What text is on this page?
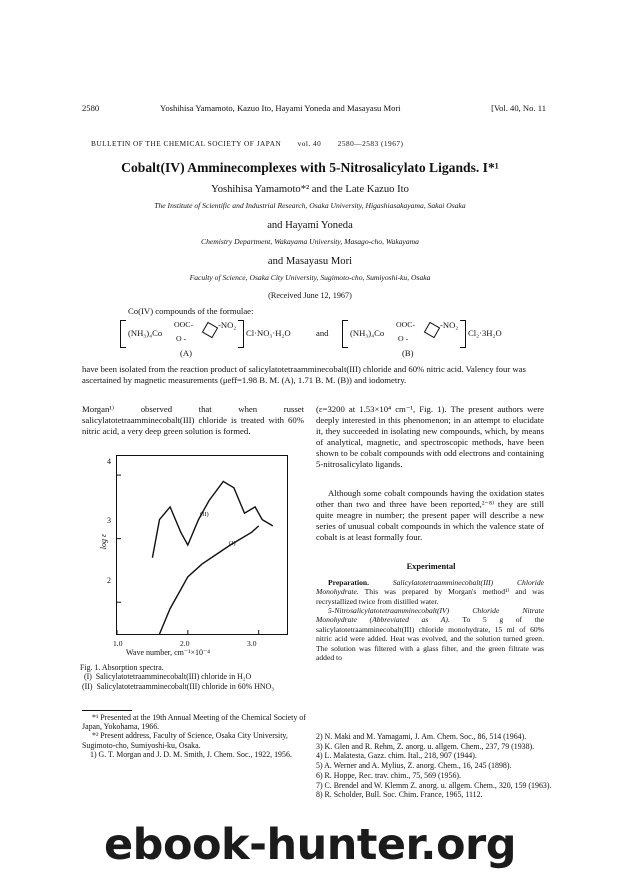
2580	Yoshihisa Yamamoto, Kazuo Ito, Hayami Yoneda and Masayasu Mori	[Vol. 40, No. 11
BULLETIN OF THE CHEMICAL SOCIETY OF JAPAN vol. 40 2580—2583 (1967)
Cobalt(IV) Amminecomplexes with 5-Nitrosalicylato Ligands. I*¹
Yoshihisa Yamamoto*² and the Late Kazuo Ito
The Institute of Scientific and Industrial Research, Osaka University, Higashiasakayama, Sakai Osaka
and Hayami Yoneda
Chemistry Department, Wakayama University, Masago-cho, Wakayama
and Masayasu Mori
Faculty of Science, Osaka City University, Sugimoto-cho, Sumiyoshi-ku, Osaka
(Received June 12, 1967)
Co(IV) compounds of the formulae:
(NH₃)₄Co
OOC-
O -
-NO₂
Cl·NO₃·H₂O
(A)
and	(NH₃)₄Co
OOC-
O -
-NO₂
Cl₂·3H₂O
(B)
have been isolated from the reaction product of salicylatotetraamminecobalt(III) chloride and 60% nitric acid. Valency four was ascertained by magnetic measurements (μeff=1.98 B. M. (A), 1.71 B. M. (B)) and iodometry.
Morgan¹⁾ observed that when russet salicylatotetraamminecobalt(III) chloride is treated with 60% nitric acid, a very deep green solution is formed.
4
3
2
1.0	2.0	3.0
(II)
(I)
log ε
Wave number, cm⁻¹×10⁻⁴
Fig. 1. Absorption spectra.
(I) Salicylatotetraamminecobalt(III) chloride in H₂O
(II) Salicylatotetraamminecobalt(III) chloride in 60% HNO₃
*¹ Presented at the 19th Annual Meeting of the Chemical Society of Japan, Yokohama, 1966.
*² Present address, Faculty of Science, Osaka City University, Sugimoto-cho, Sumiyoshi-ku, Osaka.
1) G. T. Morgan and J. D. M. Smith, J. Chem. Soc., 1922, 1956.
(ε=3200 at 1.53×10⁴ cm⁻¹, Fig. 1). The present authors were deeply interested in this phenomenon; in an attempt to elucidate it, they succeeded in isolating new compounds, which, by means of analytical, magnetic, and spectroscopic methods, have been shown to be cobalt compounds with odd electrons and containing 5-nitrosalicylato ligands.
Although some cobalt compounds having the oxidation states other than two and three have been reported,²⁻⁸⁾ they are still quite meagre in number; the present paper will describe a new series of unusual cobalt compounds in which the valence state of cobalt is at least formally four.
Experimental
Preparation.	Salicylatotetraamminecobalt(III) Chloride Monohydrate. This was prepared by Morgan's method¹⁾ and was recrystallized twice from distilled water.
5-Nitrosalicylatotetraamminecobalt(IV) Chloride Nitrate Monohydrate (Abbreviated as A). To 5 g of the salicylatotetraamminecobalt(III) chloride monohydrate, 15 ml of 60% nitric acid were added. Heat was evolved, and the solution turned green. The solution was filtered with a glass filter, and the green filtrate was added to
2) N. Maki and M. Yamagami, J. Am. Chem. Soc., 86, 514 (1964).
3) K. Glen and R. Rehm, Z. anorg. u. allgem. Chem., 237, 79 (1938).
4) L. Malatesta, Gazz. chim. Ital., 218, 907 (1944).
5) A. Werner and A. Mylius, Z. anorg. Chem., 16, 245 (1898).
6) R. Hoppe, Rec. trav. chim., 75, 569 (1956).
7) C. Brendel and W. Klemm Z. anorg. u. allgem. Chem., 320, 159 (1963).
8) R. Scholder, Bull. Soc. Chim. France, 1965, 1112.
ebook-hunter.org
